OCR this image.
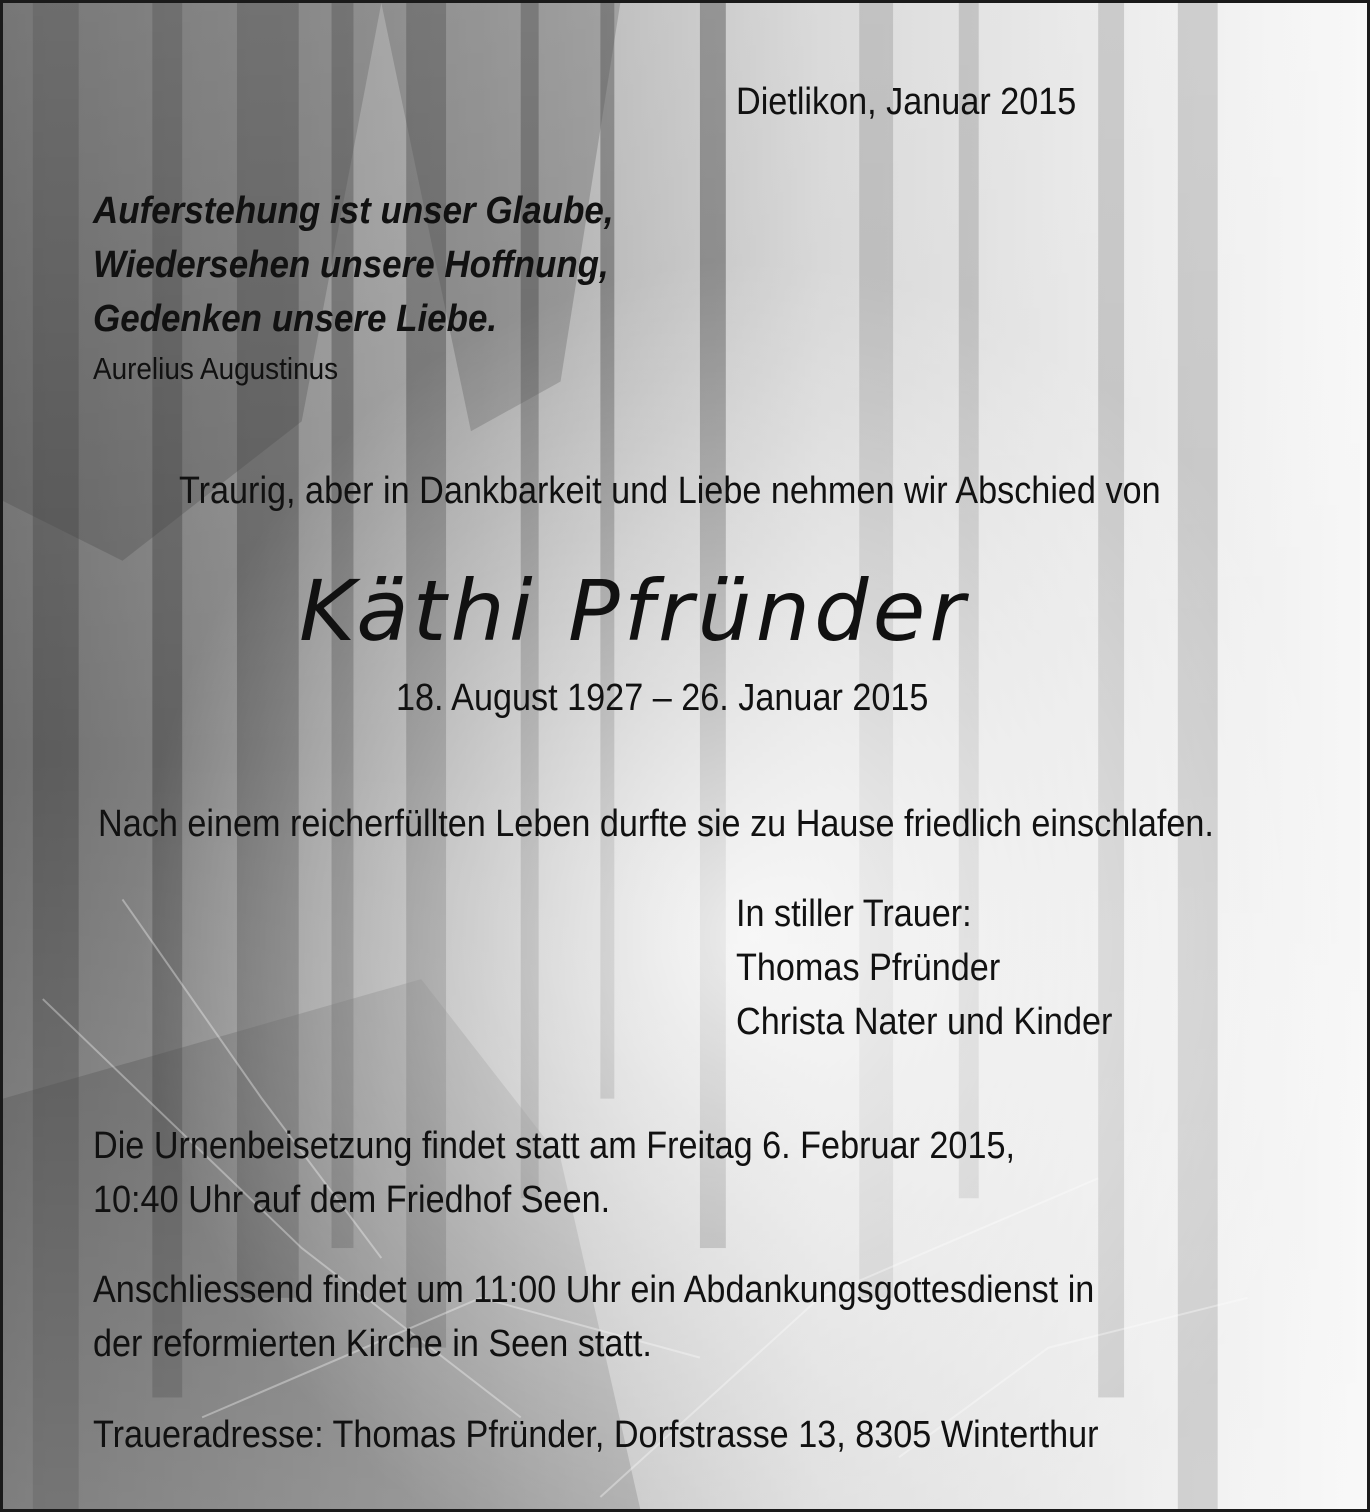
Dietlikon, Januar 2015
Auferstehung ist unser Glaube,
Wiedersehen unsere Hoffnung,
Gedenken unsere Liebe.
Aurelius Augustinus
Traurig, aber in Dankbarkeit und Liebe nehmen wir Abschied von
Käthi Pfründer
18. August 1927 – 26. Januar 2015
Nach einem reicherfüllten Leben durfte sie zu Hause friedlich einschlafen.
In stiller Trauer:
Thomas Pfründer
Christa Nater und Kinder
Die Urnenbeisetzung findet statt am Freitag 6. Februar 2015,
10:40 Uhr auf dem Friedhof Seen.
Anschliessend findet um 11:00 Uhr ein Abdankungsgottesdienst in
der reformierten Kirche in Seen statt.
Traueradresse: Thomas Pfründer, Dorfstrasse 13, 8305 Winterthur
